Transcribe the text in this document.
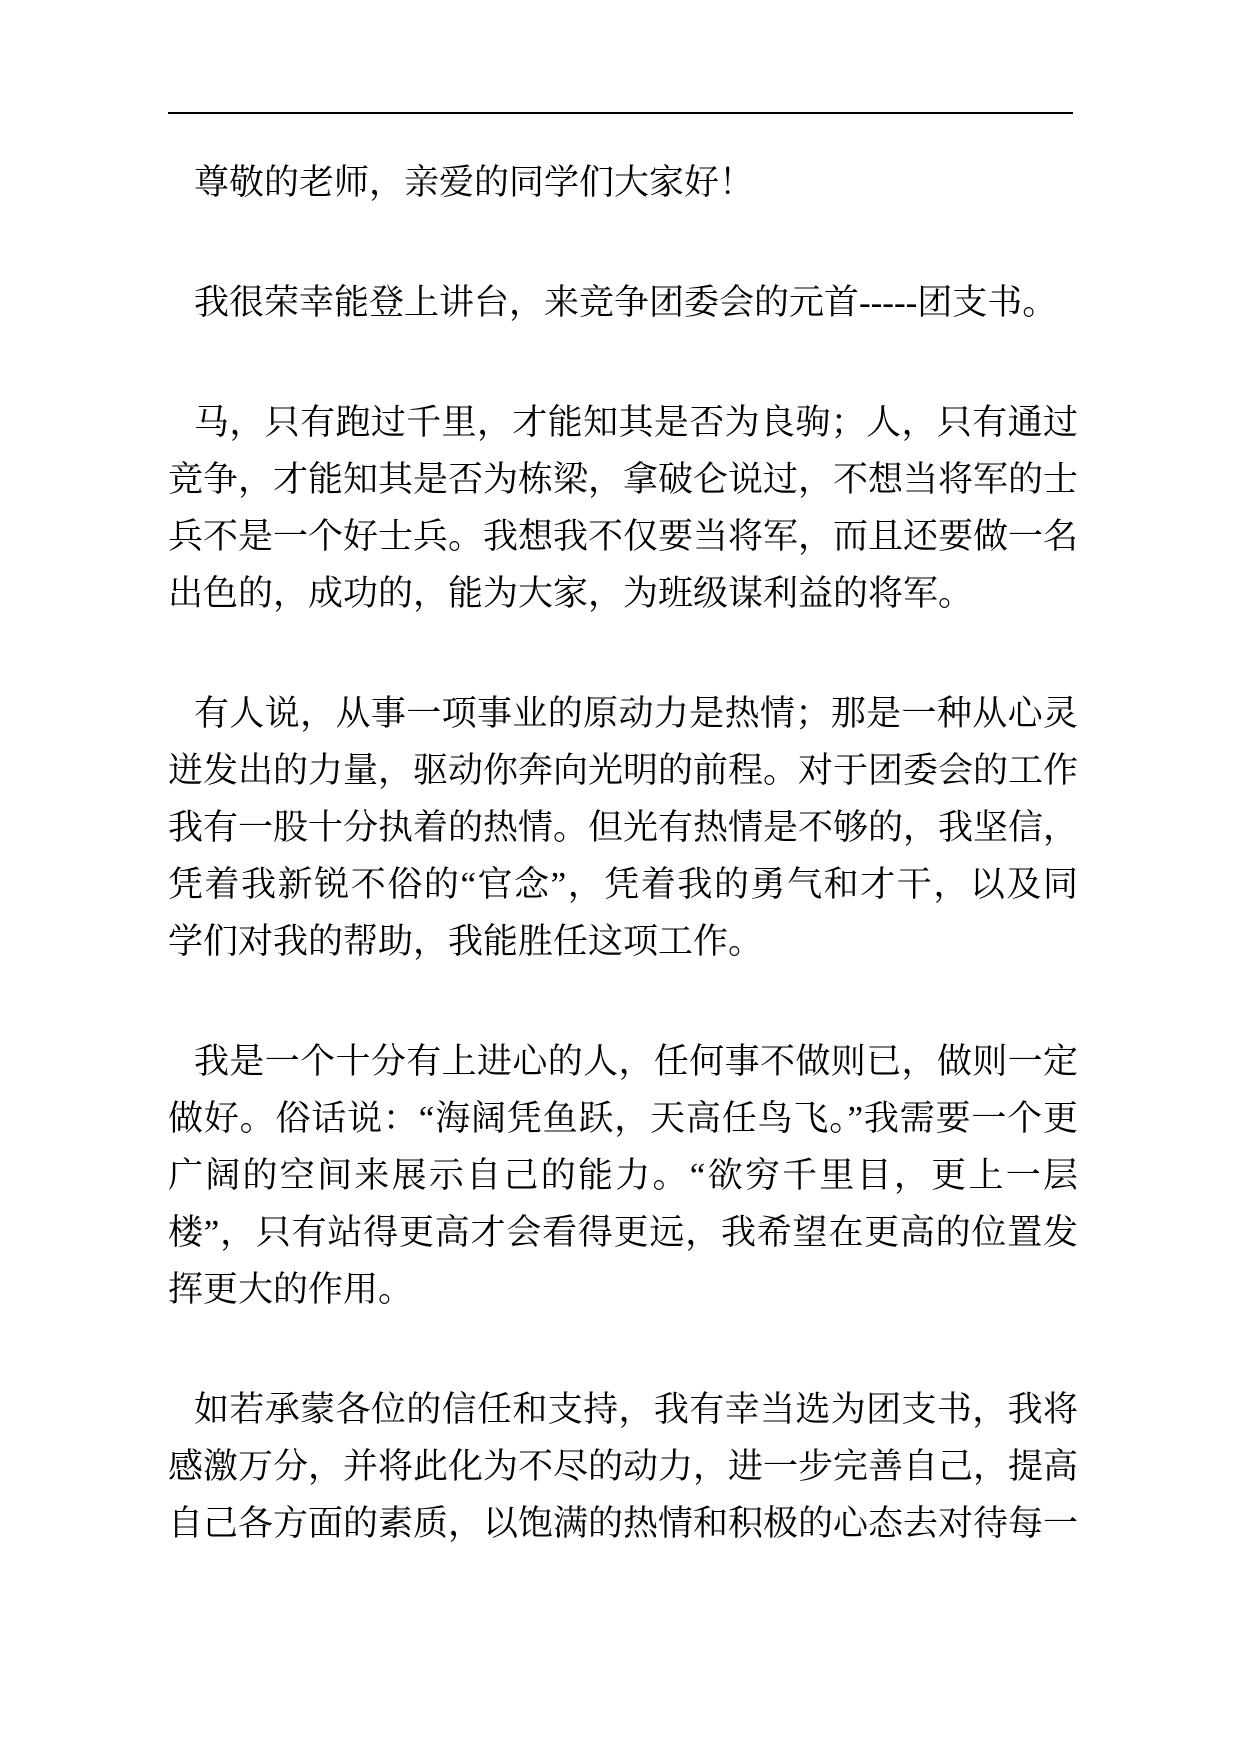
尊敬的老师，亲爱的同学们大家好！
我很荣幸能登上讲台，来竞争团委会的元首-----团支书。
马，只有跑过千里，才能知其是否为良驹；人，只有通过
竞争，才能知其是否为栋梁，拿破仑说过，不想当将军的士
兵不是一个好士兵。我想我不仅要当将军，而且还要做一名
出色的，成功的，能为大家，为班级谋利益的将军。
有人说，从事一项事业的原动力是热情；那是一种从心灵
迸发出的力量，驱动你奔向光明的前程。对于团委会的工作
我有一股十分执着的热情。但光有热情是不够的，我坚信，
凭着我新锐不俗的“官念”，凭着我的勇气和才干，以及同
学们对我的帮助，我能胜任这项工作。
我是一个十分有上进心的人，任何事不做则已，做则一定
做好。俗话说：“海阔凭鱼跃，天高任鸟飞。”我需要一个更
广阔的空间来展示自己的能力。“欲穷千里目，更上一层
楼”，只有站得更高才会看得更远，我希望在更高的位置发
挥更大的作用。
如若承蒙各位的信任和支持，我有幸当选为团支书，我将
感激万分，并将此化为不尽的动力，进一步完善自己，提高
自己各方面的素质，以饱满的热情和积极的心态去对待每一
